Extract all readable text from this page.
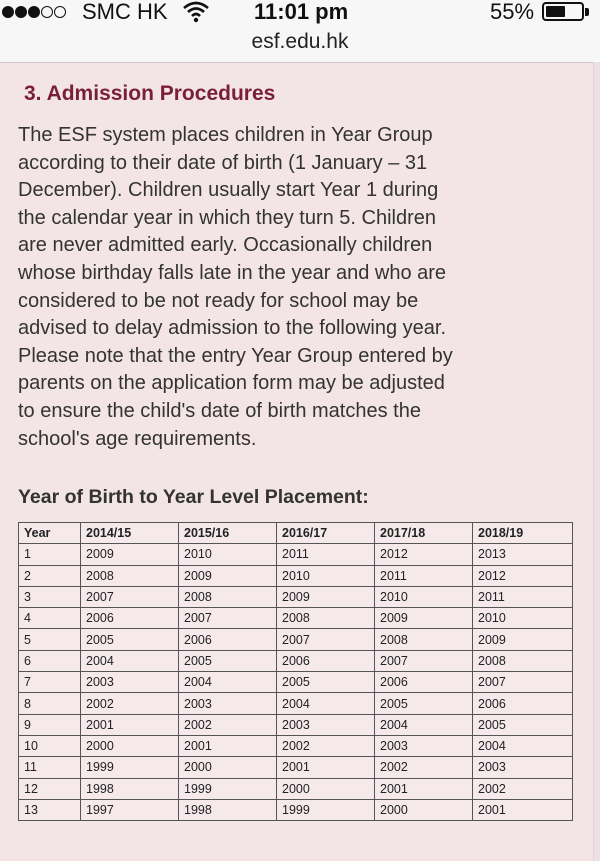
SMC HK	11:01 pm	55%
esf.edu.hk
3. Admission Procedures
The ESF system places children in Year Group
according to their date of birth (1 January – 31
December). Children usually start Year 1 during
the calendar year in which they turn 5. Children
are never admitted early. Occasionally children
whose birthday falls late in the year and who are
considered to be not ready for school may be
advised to delay admission to the following year.
Please note that the entry Year Group entered by
parents on the application form may be adjusted
to ensure the child's date of birth matches the
school's age requirements.
Year of Birth to Year Level Placement:
Year	2014/15	2015/16	2016/17	2017/18	2018/19
1	2009	2010	2011	2012	2013
2	2008	2009	2010	2011	2012
3	2007	2008	2009	2010	2011
4	2006	2007	2008	2009	2010
5	2005	2006	2007	2008	2009
6	2004	2005	2006	2007	2008
7	2003	2004	2005	2006	2007
8	2002	2003	2004	2005	2006
9	2001	2002	2003	2004	2005
10	2000	2001	2002	2003	2004
11	1999	2000	2001	2002	2003
12	1998	1999	2000	2001	2002
13	1997	1998	1999	2000	2001
